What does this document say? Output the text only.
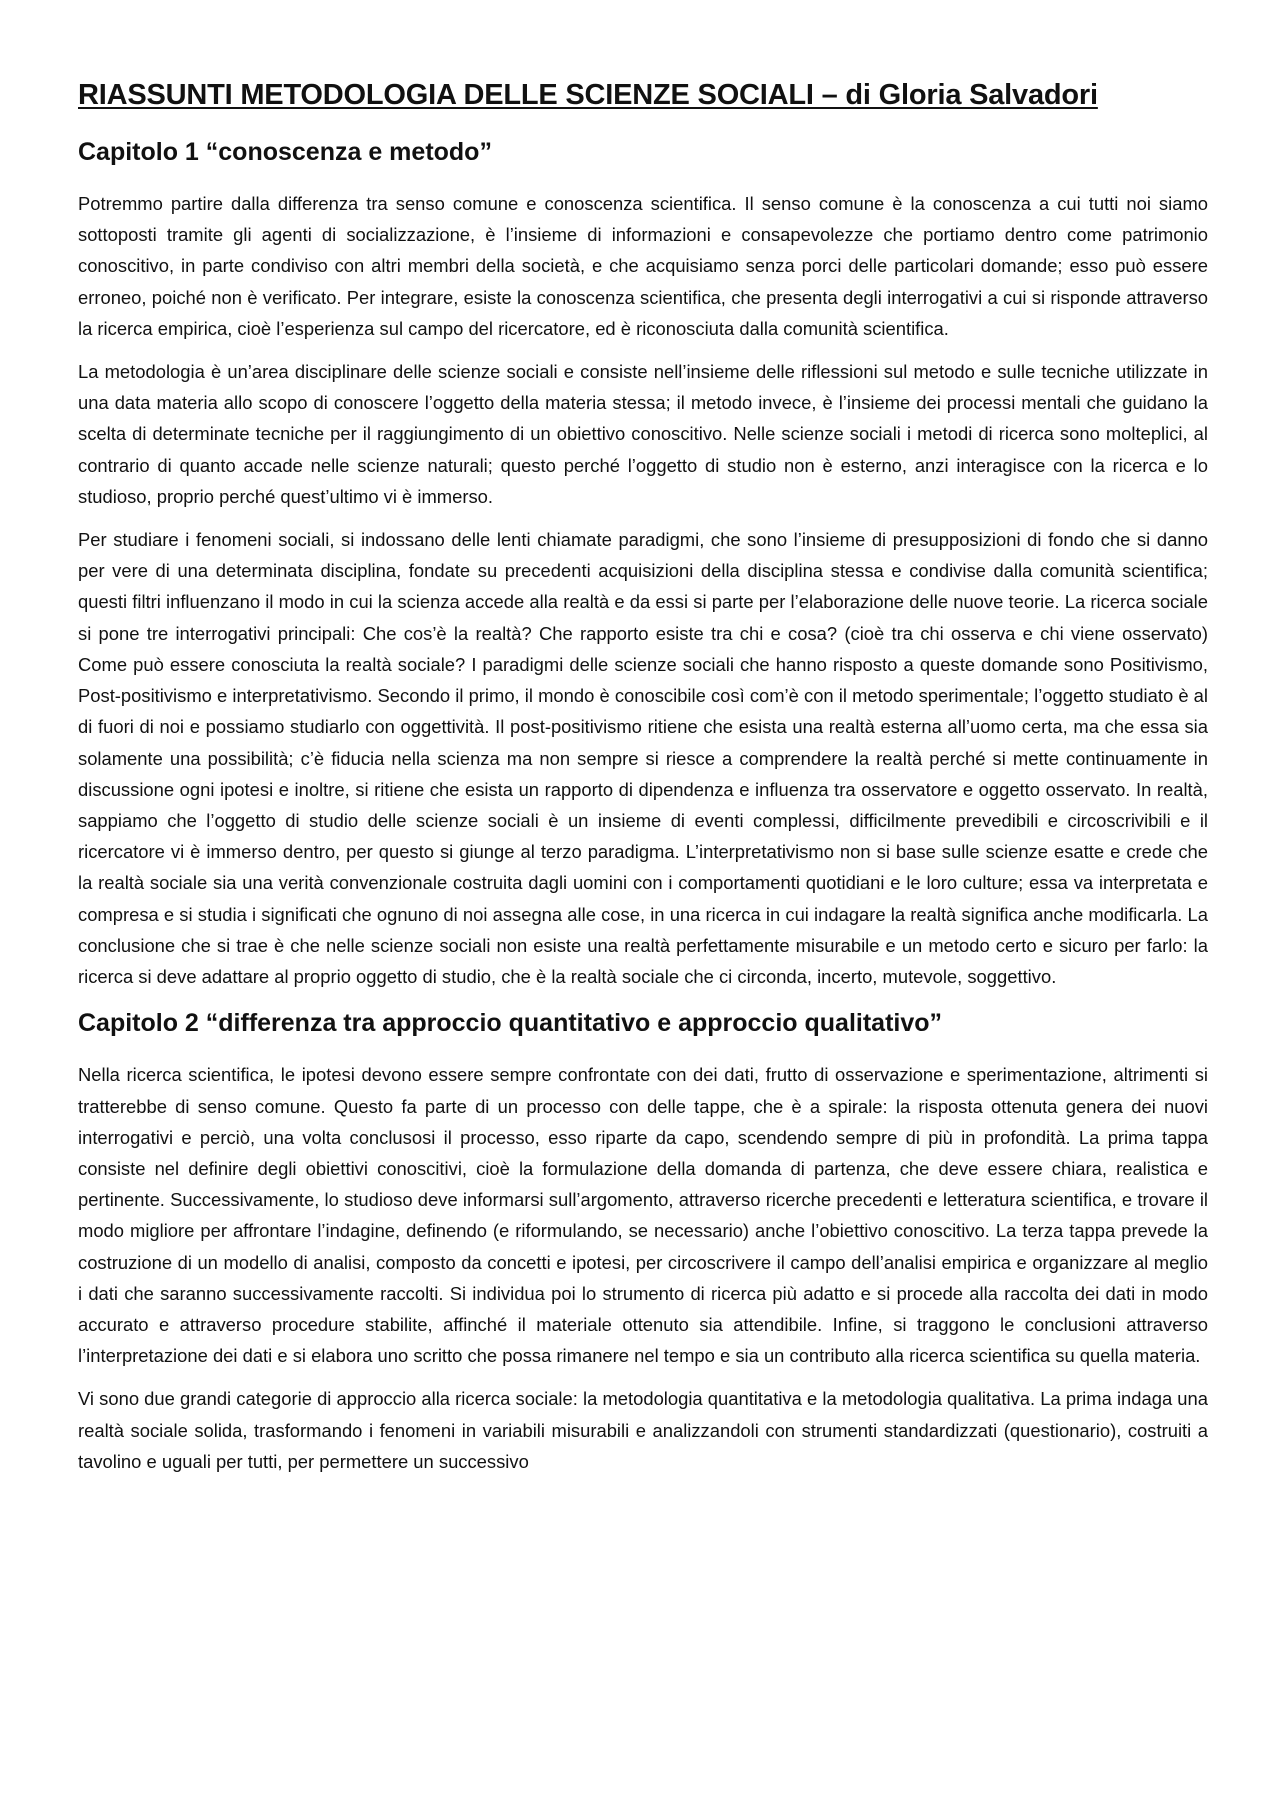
RIASSUNTI METODOLOGIA DELLE SCIENZE SOCIALI – di Gloria Salvadori
Capitolo 1 “conoscenza e metodo”

Potremmo partire dalla differenza tra senso comune e conoscenza scientifica. Il senso comune è la conoscenza a cui tutti noi siamo sottoposti tramite gli agenti di socializzazione, è l’insieme di informazioni e consapevolezze che portiamo dentro come patrimonio conoscitivo, in parte condiviso con altri membri della società, e che acquisiamo senza porci delle particolari domande; esso può essere erroneo, poiché non è verificato. Per integrare, esiste la conoscenza scientifica, che presenta degli interrogativi a cui si risponde attraverso la ricerca empirica, cioè l’esperienza sul campo del ricercatore, ed è riconosciuta dalla comunità scientifica.

La metodologia è un’area disciplinare delle scienze sociali e consiste nell’insieme delle riflessioni sul metodo e sulle tecniche utilizzate in una data materia allo scopo di conoscere l’oggetto della materia stessa; il metodo invece, è l’insieme dei processi mentali che guidano la scelta di determinate tecniche per il raggiungimento di un obiettivo conoscitivo. Nelle scienze sociali i metodi di ricerca sono molteplici, al contrario di quanto accade nelle scienze naturali; questo perché l’oggetto di studio non è esterno, anzi interagisce con la ricerca e lo studioso, proprio perché quest’ultimo vi è immerso.

Per studiare i fenomeni sociali, si indossano delle lenti chiamate paradigmi, che sono l’insieme di presupposizioni di fondo che si danno per vere di una determinata disciplina, fondate su precedenti acquisizioni della disciplina stessa e condivise dalla comunità scientifica; questi filtri influenzano il modo in cui la scienza accede alla realtà e da essi si parte per l’elaborazione delle nuove teorie. La ricerca sociale si pone tre interrogativi principali: Che cos’è la realtà? Che rapporto esiste tra chi e cosa? (cioè tra chi osserva e chi viene osservato) Come può essere conosciuta la realtà sociale? I paradigmi delle scienze sociali che hanno risposto a queste domande sono Positivismo, Post-positivismo e interpretativismo. Secondo il primo, il mondo è conoscibile così com’è con il metodo sperimentale; l’oggetto studiato è al di fuori di noi e possiamo studiarlo con oggettività. Il post-positivismo ritiene che esista una realtà esterna all’uomo certa, ma che essa sia solamente una possibilità; c’è fiducia nella scienza ma non sempre si riesce a comprendere la realtà perché si mette continuamente in discussione ogni ipotesi e inoltre, si ritiene che esista un rapporto di dipendenza e influenza tra osservatore e oggetto osservato. In realtà, sappiamo che l’oggetto di studio delle scienze sociali è un insieme di eventi complessi, difficilmente prevedibili e circoscrivibili e il ricercatore vi è immerso dentro, per questo si giunge al terzo paradigma. L’interpretativismo non si base sulle scienze esatte e crede che la realtà sociale sia una verità convenzionale costruita dagli uomini con i comportamenti quotidiani e le loro culture; essa va interpretata e compresa e si studia i significati che ognuno di noi assegna alle cose, in una ricerca in cui indagare la realtà significa anche modificarla. La conclusione che si trae è che nelle scienze sociali non esiste una realtà perfettamente misurabile e un metodo certo e sicuro per farlo: la ricerca si deve adattare al proprio oggetto di studio, che è la realtà sociale che ci circonda, incerto, mutevole, soggettivo.

Capitolo 2 “differenza tra approccio quantitativo e approccio qualitativo”

Nella ricerca scientifica, le ipotesi devono essere sempre confrontate con dei dati, frutto di osservazione e sperimentazione, altrimenti si tratterebbe di senso comune. Questo fa parte di un processo con delle tappe, che è a spirale: la risposta ottenuta genera dei nuovi interrogativi e perciò, una volta conclusosi il processo, esso riparte da capo, scendendo sempre di più in profondità. La prima tappa consiste nel definire degli obiettivi conoscitivi, cioè la formulazione della domanda di partenza, che deve essere chiara, realistica e pertinente. Successivamente, lo studioso deve informarsi sull’argomento, attraverso ricerche precedenti e letteratura scientifica, e trovare il modo migliore per affrontare l’indagine, definendo (e riformulando, se necessario) anche l’obiettivo conoscitivo. La terza tappa prevede la costruzione di un modello di analisi, composto da concetti e ipotesi, per circoscrivere il campo dell’analisi empirica e organizzare al meglio i dati che saranno successivamente raccolti. Si individua poi lo strumento di ricerca più adatto e si procede alla raccolta dei dati in modo accurato e attraverso procedure stabilite, affinché il materiale ottenuto sia attendibile. Infine, si traggono le conclusioni attraverso l’interpretazione dei dati e si elabora uno scritto che possa rimanere nel tempo e sia un contributo alla ricerca scientifica su quella materia.

Vi sono due grandi categorie di approccio alla ricerca sociale: la metodologia quantitativa e la metodologia qualitativa. La prima indaga una realtà sociale solida, trasformando i fenomeni in variabili misurabili e analizzandoli con strumenti standardizzati (questionario), costruiti a tavolino e uguali per tutti, per permettere un successivo
